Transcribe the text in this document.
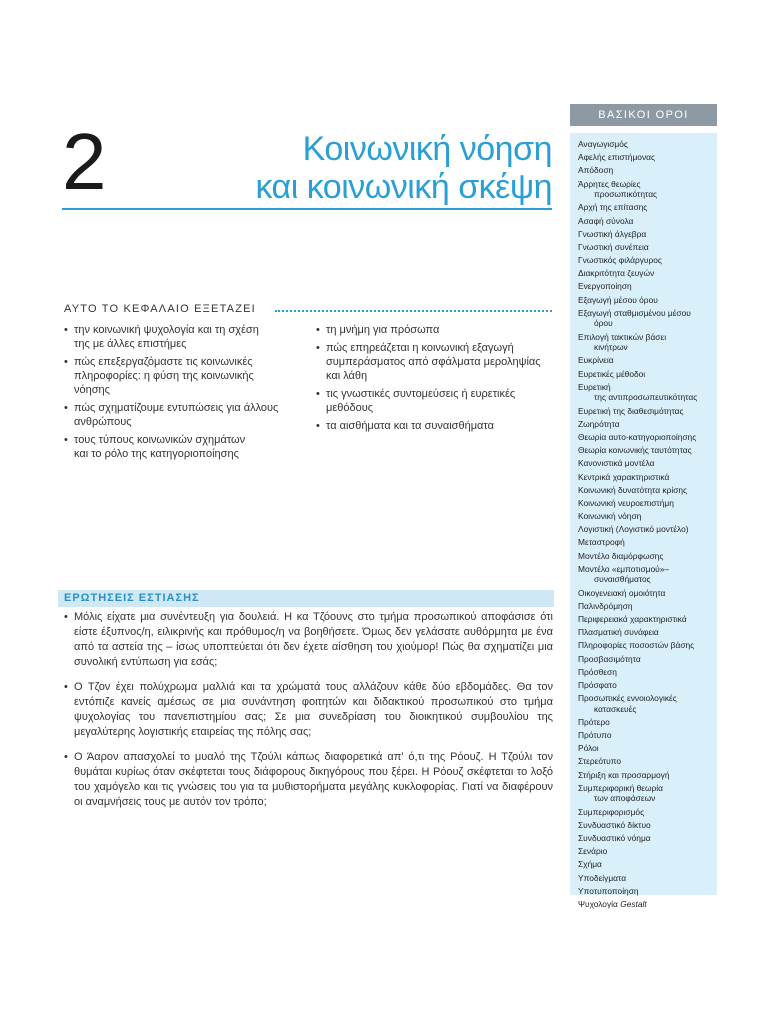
2	Κοινωνική νόηση
και κοινωνική σκέψη
ΑΥΤΟ ΤΟ ΚΕΦΑΛΑΙΟ ΕΞΕΤΑΖΕΙ
• την κοινωνική ψυχολογία και τη σχέση
της με άλλες επιστήμες
• πώς επεξεργαζόμαστε τις κοινωνικές
πληροφορίες: η φύση της κοινωνικής
νόησης
• πώς σχηματίζουμε εντυπώσεις για άλλους
ανθρώπους
• τους τύπους κοινωνικών σχημάτων
και το ρόλο της κατηγοριοποίησης
• τη μνήμη για πρόσωπα
• πώς επηρεάζεται η κοινωνική εξαγωγή
συμπεράσματος από σφάλματα μεροληψίας
και λάθη
• τις γνωστικές συντομεύσεις ή ευρετικές
μεθόδους
• τα αισθήματα και τα συναισθήματα
ΕΡΩΤΗΣΕΙΣ ΕΣΤΙΑΣΗΣ
• Μόλις είχατε μια συνέντευξη για δουλειά. Η κα Τζόουνς στο τμήμα προσωπικού αποφάσισε ότι είστε έξυπνος/η, ειλικρινής και πρόθυμος/η να βοηθήσετε. Όμως δεν γελάσατε αυθόρμητα με ένα από τα αστεία της – ίσως υποπτεύεται ότι δεν έχετε αίσθηση του χιούμορ! Πώς θα σχηματίζει μια συνολική εντύπωση για εσάς;
• Ο Τζον έχει πολύχρωμα μαλλιά και τα χρώματά τους αλλάζουν κάθε δύο εβδομάδες. Θα τον εντόπιζε κανείς αμέσως σε μια συνάντηση φοιτητών και διδακτικού προσωπικού στο τμήμα ψυχολογίας του πανεπιστημίου σας; Σε μια συνεδρίαση του διοικητικού συμβουλίου της μεγαλύτερης λογιστικής εταιρείας της πόλης σας;
• Ο Άαρον απασχολεί το μυαλό της Τζούλι κάπως διαφορετικά απ' ό,τι της Ρόουζ. Η Τζούλι τον θυμάται κυρίως όταν σκέφτεται τους διάφορους δικηγόρους που ξέρει. Η Ρόουζ σκέφτεται το λοξό του χαμόγελο και τις γνώσεις του για τα μυθιστορήματα μεγάλης κυκλοφορίας. Γιατί να διαφέρουν οι αναμνήσεις τους με αυτόν τον τρόπο;
ΒΑΣΙΚΟΙ ΟΡΟΙ
Αναγωγισμός
Αφελής επιστήμονας
Απόδοση
Άρρητες θεωρίες
προσωπικότητας
Αρχή της επίτασης
Ασαφή σύνολα
Γνωστική άλγεβρα
Γνωστική συνέπεια
Γνωστικός φιλάργυρος
Διακριτότητα ζευγών
Ενεργοποίηση
Εξαγωγή μέσου όρου
Εξαγωγή σταθμισμένου μέσου
όρου
Επιλογή τακτικών βάσει
κινήτρων
Ευκρίνεια
Ευρετικές μέθοδοι
Ευρετική
της αντιπροσωπευτικότητας
Ευρετική της διαθεσιμότητας
Ζωηρότητα
Θεωρία αυτο-κατηγοριοποίησης
Θεωρία κοινωνικής ταυτότητας
Κανονιστικά μοντέλα
Κεντρικά χαρακτηριστικά
Κοινωνική δυνατότητα κρίσης
Κοινωνική νευροεπιστήμη
Κοινωνική νόηση
Λογιστική (Λογιστικό μοντέλο)
Μεταστροφή
Μοντέλο διαμόρφωσης
Μοντέλο «εμποτισμού»–
συναισθήματος
Οικογενειακή ομοιότητα
Παλινδρόμηση
Περιφερειακά χαρακτηριστικά
Πλασματική συνάφεια
Πληροφορίες ποσοστών βάσης
Προσβασιμότητα
Πρόσθεση
Πρόσφατο
Προσωπικές εννοιολογικές
κατασκευές
Πρότερο
Πρότυπο
Ρόλοι
Στερεότυπο
Στήριξη και προσαρμογή
Συμπεριφορική θεωρία
των αποφάσεων
Συμπεριφορισμός
Συνδυαστικό δίκτυο
Συνδυαστικό νόημα
Σενάριο
Σχήμα
Υποδείγματα
Υποτυποποίηση
Ψυχολογία Gestalt
